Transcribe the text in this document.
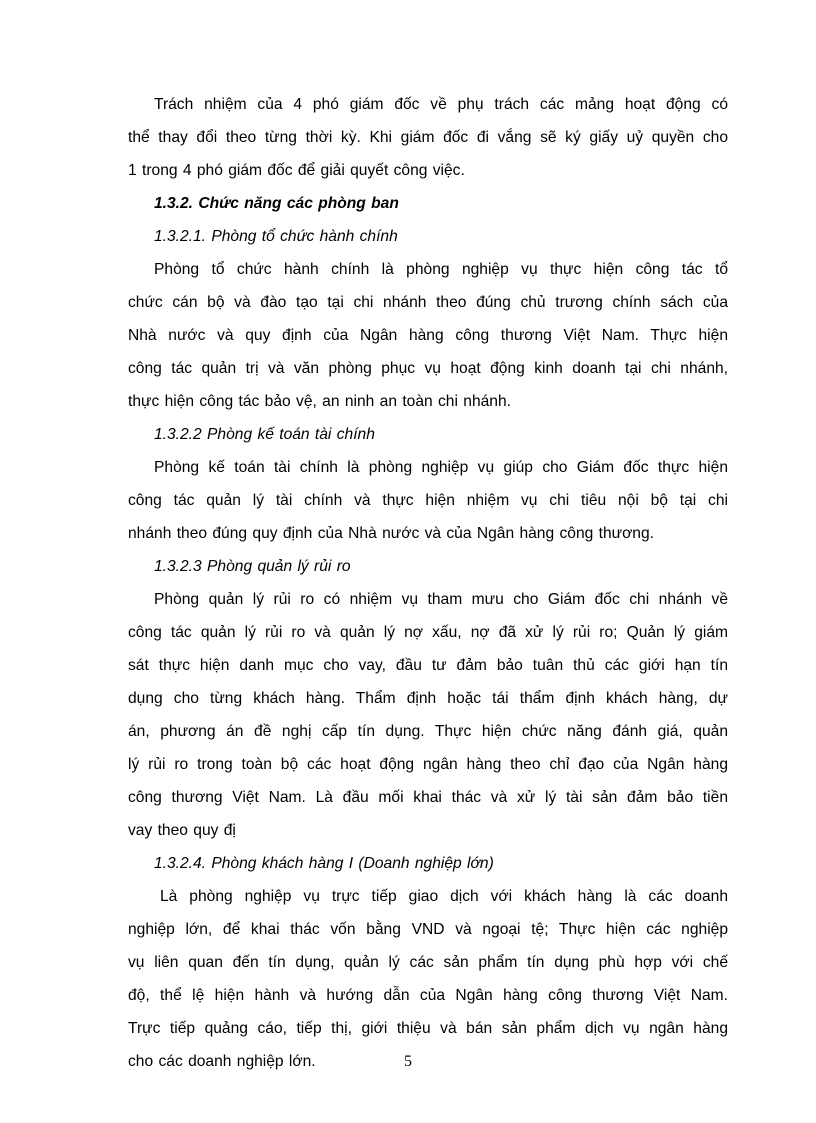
Trách nhiệm của 4 phó giám đốc về phụ trách các mảng hoạt động có
thể thay đổi theo từng thời kỳ. Khi giám đốc đi vắng sẽ ký giấy uỷ quyền cho
1 trong 4 phó giám đốc để giải quyết công việc.
1.3.2. Chức năng các phòng ban
1.3.2.1. Phòng tổ chức hành chính
Phòng tổ chức hành chính là phòng nghiệp vụ thực hiện công tác tổ
chức cán bộ và đào tạo tại chi nhánh theo đúng chủ trương chính sách của
Nhà nước và quy định của Ngân hàng công thương Việt Nam. Thực hiện
công tác quản trị và văn phòng phục vụ hoạt động kinh doanh tại chi nhánh,
thực hiện công tác bảo vệ, an ninh an toàn chi nhánh.
1.3.2.2 Phòng kế toán tài chính
Phòng kế toán tài chính là phòng nghiệp vụ giúp cho Giám đốc thực hiện
công tác quản lý tài chính và thực hiện nhiệm vụ chi tiêu nội bộ tại chi
nhánh theo đúng quy định của Nhà nước và của Ngân hàng công thương.
1.3.2.3 Phòng quản lý rủi ro
Phòng quản lý rủi ro có nhiệm vụ tham mưu cho Giám đốc chi nhánh về
công tác quản lý rủi ro và quản lý nợ xấu, nợ đã xử lý rủi ro; Quản lý giám
sát thực hiện danh mục cho vay, đầu tư đảm bảo tuân thủ các giới hạn tín
dụng cho từng khách hàng. Thẩm định hoặc tái thẩm định khách hàng, dự
án, phương án đề nghị cấp tín dụng. Thực hiện chức năng đánh giá, quản
lý rủi ro trong toàn bộ các hoạt động ngân hàng theo chỉ đạo của Ngân hàng
công thương Việt Nam. Là đầu mối khai thác và xử lý tài sản đảm bảo tiền
vay theo quy đị
1.3.2.4. Phòng khách hàng I (Doanh nghiệp lớn)
Là phòng nghiệp vụ trực tiếp giao dịch với khách hàng là các doanh
nghiệp lớn, để khai thác vốn bằng VND và ngoại tệ; Thực hiện các nghiệp
vụ liên quan đến tín dụng, quản lý các sản phẩm tín dụng phù hợp với chế
độ, thể lệ hiện hành và hướng dẫn của Ngân hàng công thương Việt Nam.
Trực tiếp quảng cáo, tiếp thị, giới thiệu và bán sản phẩm dịch vụ ngân hàng
cho các doanh nghiệp lớn.	5
